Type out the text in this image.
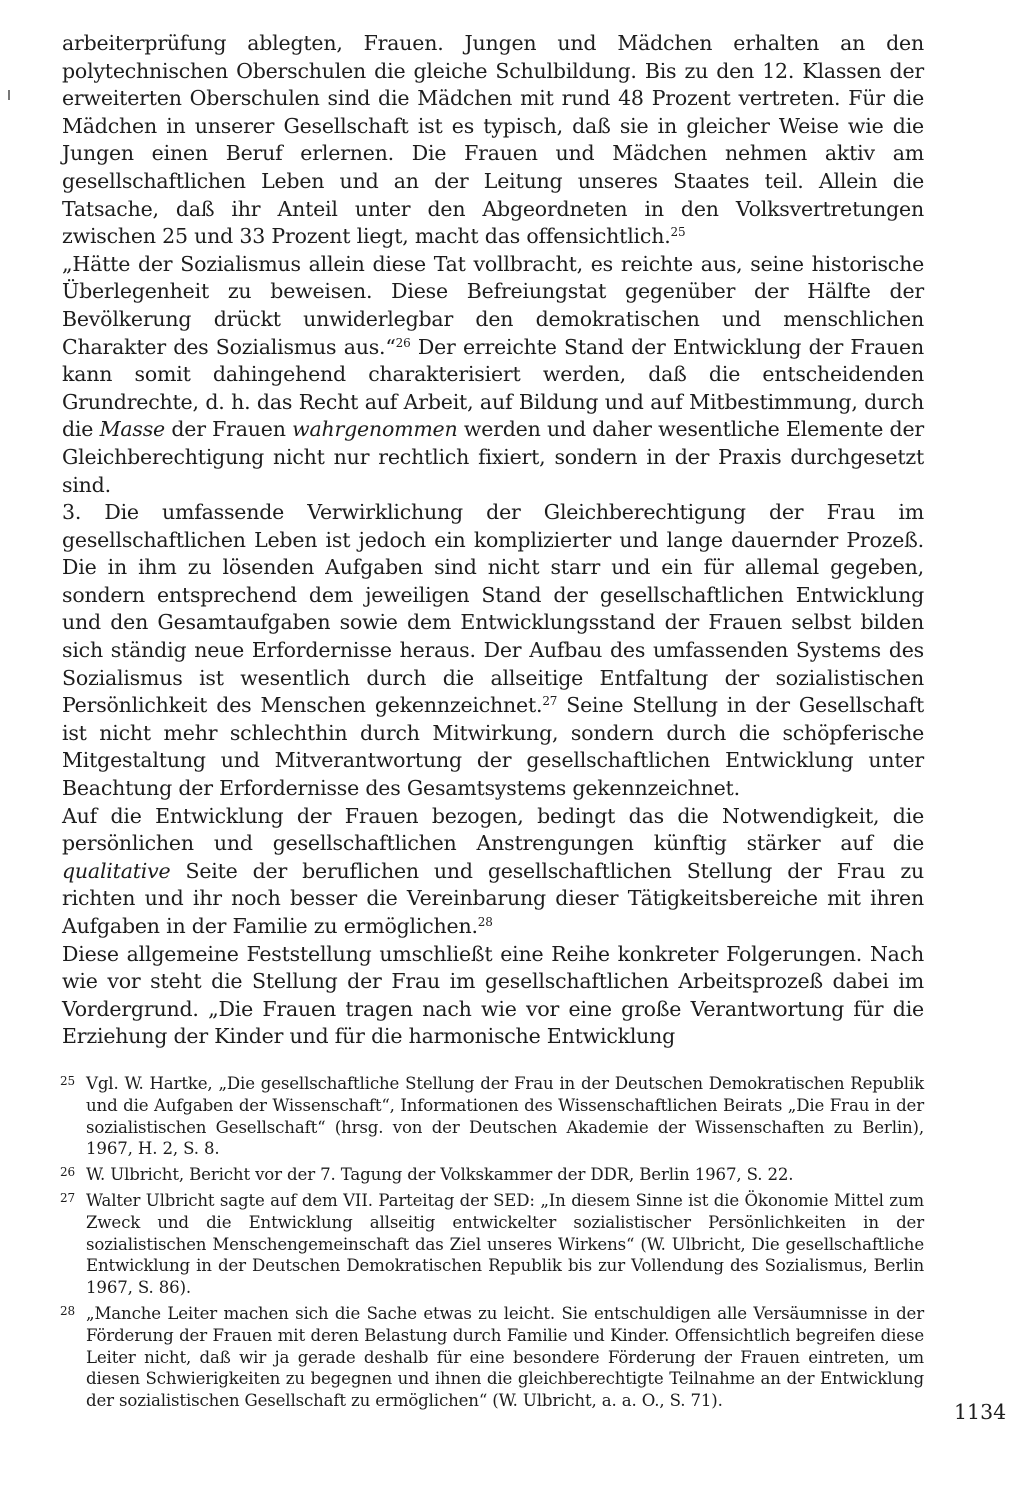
arbeiterprüfung ablegten, Frauen. Jungen und Mädchen erhalten an den polytechnischen Oberschulen die gleiche Schulbildung. Bis zu den 12. Klassen der erweiterten Oberschulen sind die Mädchen mit rund 48 Prozent vertreten. Für die Mädchen in unserer Gesellschaft ist es typisch, daß sie in gleicher Weise wie die Jungen einen Beruf erlernen. Die Frauen und Mädchen nehmen aktiv am gesellschaftlichen Leben und an der Leitung unseres Staates teil. Allein die Tatsache, daß ihr Anteil unter den Abgeordneten in den Volksvertretungen zwischen 25 und 33 Prozent liegt, macht das offensichtlich.$^{25}$

„Hätte der Sozialismus allein diese Tat vollbracht, es reichte aus, seine historische Überlegenheit zu beweisen. Diese Befreiungstat gegenüber der Hälfte der Bevölkerung drückt unwiderlegbar den demokratischen und menschlichen Charakter des Sozialismus aus.“$^{26}$ Der erreichte Stand der Entwicklung der Frauen kann somit dahingehend charakterisiert werden, daß die entscheidenden Grundrechte, d. h. das Recht auf Arbeit, auf Bildung und auf Mitbestimmung, durch die Masse der Frauen wahrgenommen werden und daher wesentliche Elemente der Gleichberechtigung nicht nur rechtlich fixiert, sondern in der Praxis durchgesetzt sind.

3. Die umfassende Verwirklichung der Gleichberechtigung der Frau im gesellschaftlichen Leben ist jedoch ein komplizierter und lange dauernder Prozeß. Die in ihm zu lösenden Aufgaben sind nicht starr und ein für allemal gegeben, sondern entsprechend dem jeweiligen Stand der gesellschaftlichen Entwicklung und den Gesamtaufgaben sowie dem Entwicklungsstand der Frauen selbst bilden sich ständig neue Erfordernisse heraus. Der Aufbau des umfassenden Systems des Sozialismus ist wesentlich durch die allseitige Entfaltung der sozialistischen Persönlichkeit des Menschen gekennzeichnet.$^{27}$ Seine Stellung in der Gesellschaft ist nicht mehr schlechthin durch Mitwirkung, sondern durch die schöpferische Mitgestaltung und Mitverantwortung der gesellschaftlichen Entwicklung unter Beachtung der Erfordernisse des Gesamtsystems gekennzeichnet.

Auf die Entwicklung der Frauen bezogen, bedingt das die Notwendigkeit, die persönlichen und gesellschaftlichen Anstrengungen künftig stärker auf die qualitative Seite der beruflichen und gesellschaftlichen Stellung der Frau zu richten und ihr noch besser die Vereinbarung dieser Tätigkeitsbereiche mit ihren Aufgaben in der Familie zu ermöglichen.$^{28}$

Diese allgemeine Feststellung umschließt eine Reihe konkreter Folgerungen. Nach wie vor steht die Stellung der Frau im gesellschaftlichen Arbeitsprozeß dabei im Vordergrund. „Die Frauen tragen nach wie vor eine große Verantwortung für die Erziehung der Kinder und für die harmonische Entwicklung

25 Vgl. W. Hartke, „Die gesellschaftliche Stellung der Frau in der Deutschen Demokratischen Republik und die Aufgaben der Wissenschaft“, Informationen des Wissenschaftlichen Beirats „Die Frau in der sozialistischen Gesellschaft“ (hrsg. von der Deutschen Akademie der Wissenschaften zu Berlin), 1967, H. 2, S. 8.
26 W. Ulbricht, Bericht vor der 7. Tagung der Volkskammer der DDR, Berlin 1967, S. 22.
27 Walter Ulbricht sagte auf dem VII. Parteitag der SED: „In diesem Sinne ist die Ökonomie Mittel zum Zweck und die Entwicklung allseitig entwickelter sozialistischer Persönlichkeiten in der sozialistischen Menschengemeinschaft das Ziel unseres Wirkens“ (W. Ulbricht, Die gesellschaftliche Entwicklung in der Deutschen Demokratischen Republik bis zur Vollendung des Sozialismus, Berlin 1967, S. 86).
28 „Manche Leiter machen sich die Sache etwas zu leicht. Sie entschuldigen alle Versäumnisse in der Förderung der Frauen mit deren Belastung durch Familie und Kinder. Offensichtlich begreifen diese Leiter nicht, daß wir ja gerade deshalb für eine besondere Förderung der Frauen eintreten, um diesen Schwierigkeiten zu begegnen und ihnen die gleichberechtigte Teilnahme an der Entwicklung der sozialistischen Gesellschaft zu ermöglichen“ (W. Ulbricht, a. a. O., S. 71).	1134
